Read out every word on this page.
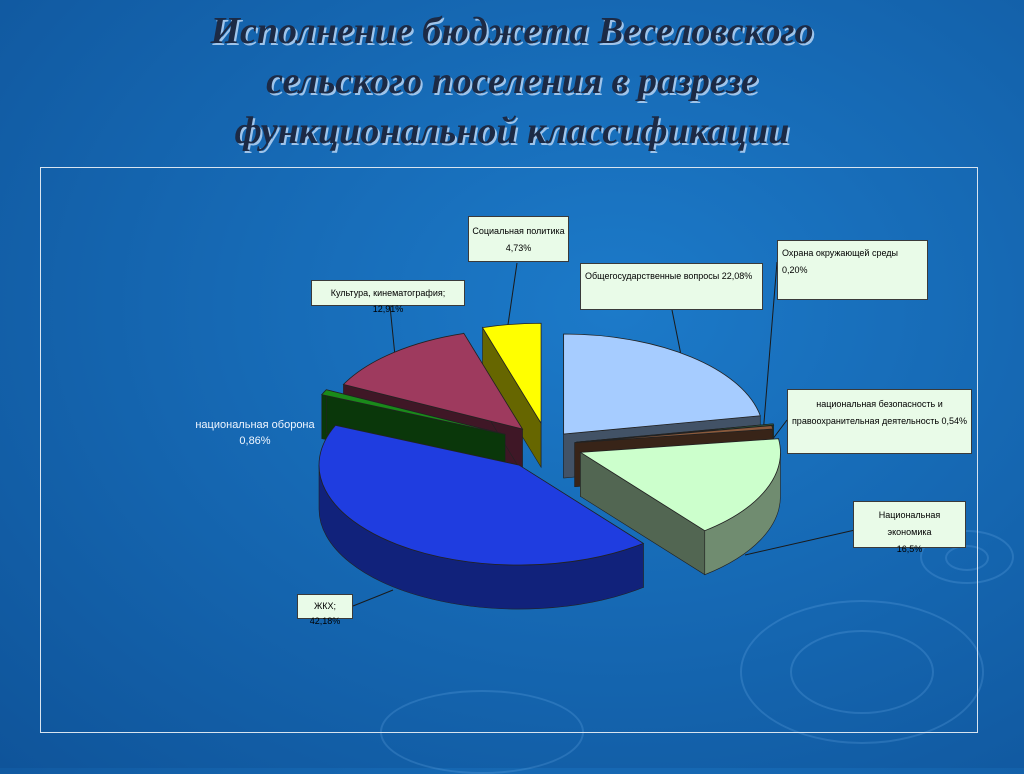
Исполнение бюджета Веселовского
сельского поселения в разрезе
функциональной классификации
Социальная политика
4,73%
Культура, кинематография; 12,91%
Общегосударственные вопросы 22,08%
Охрана окружающей среды 0,20%
национальная безопасность и
правоохранительная деятельность 0,54%
Национальная экономика
16,5%
ЖКХ; 42,18%
национальная оборона
0,86%
